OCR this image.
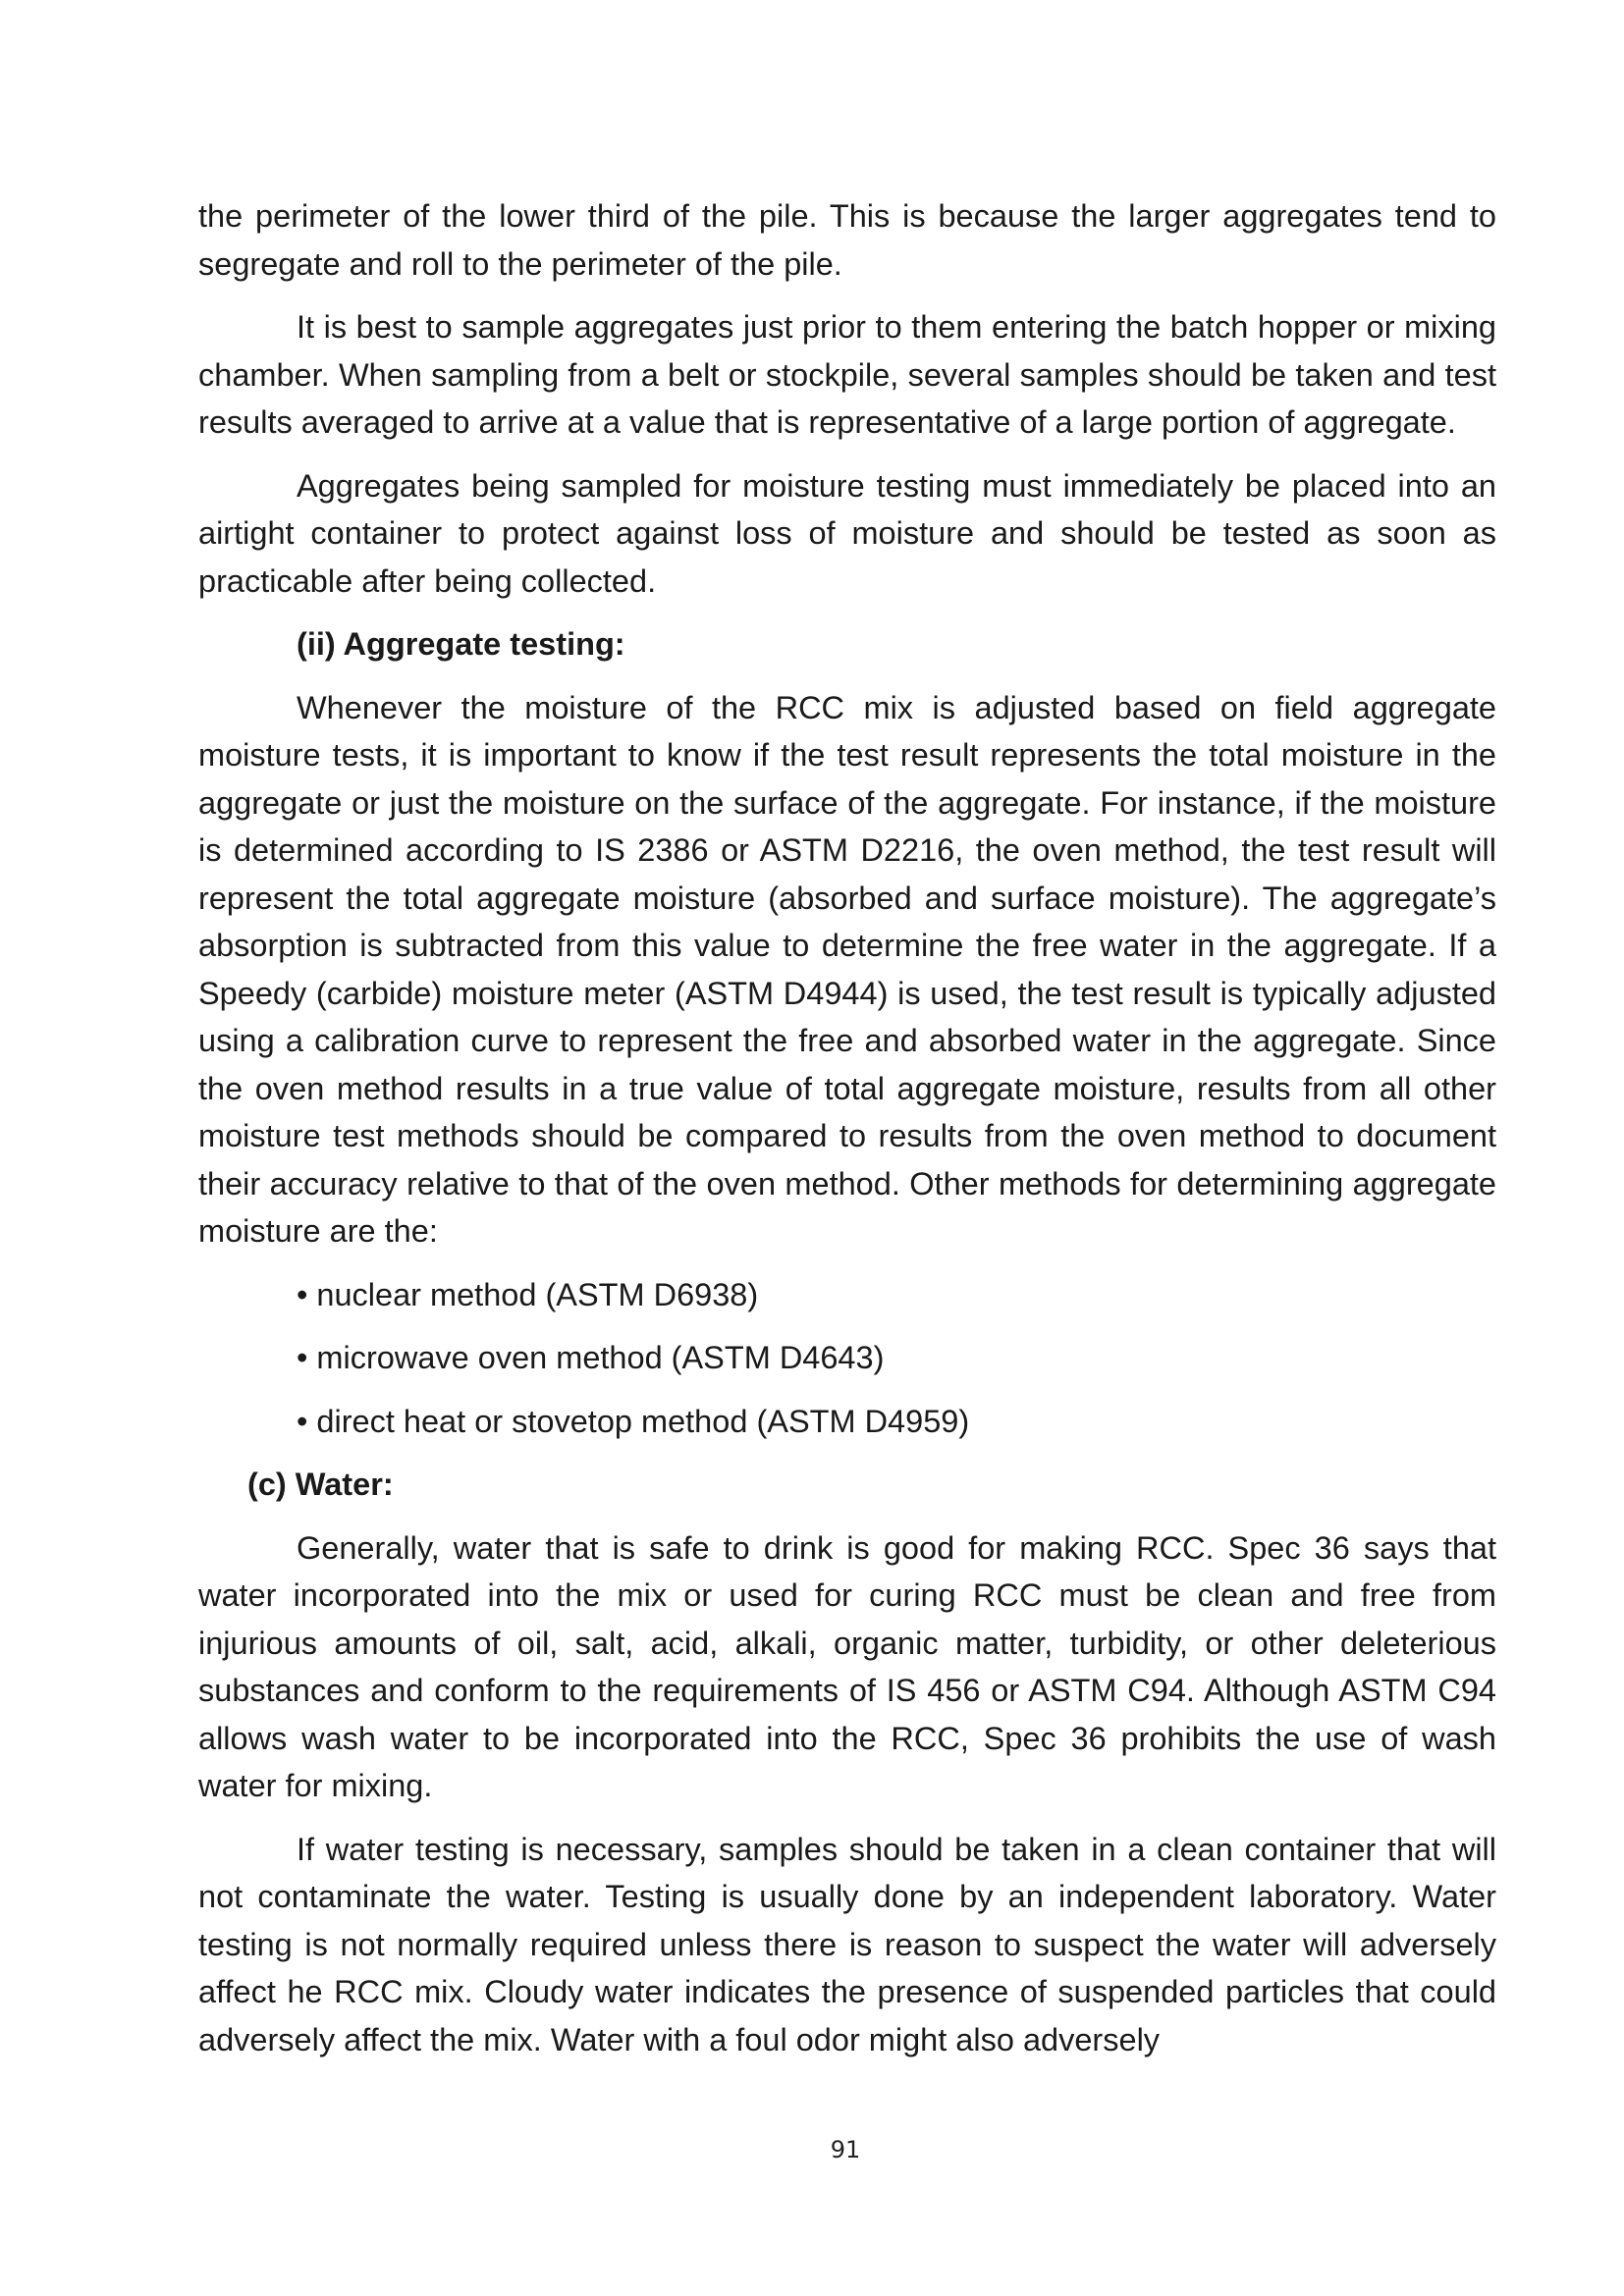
the perimeter of the lower third of the pile. This is because the larger aggregates tend to segregate and roll to the perimeter of the pile.

It is best to sample aggregates just prior to them entering the batch hopper or mixing chamber. When sampling from a belt or stockpile, several samples should be taken and test results averaged to arrive at a value that is representative of a large portion of aggregate.

Aggregates being sampled for moisture testing must immediately be placed into an airtight container to protect against loss of moisture and should be tested as soon as practicable after being collected.

(ii) Aggregate testing:

Whenever the moisture of the RCC mix is adjusted based on field aggregate moisture tests, it is important to know if the test result represents the total moisture in the aggregate or just the moisture on the surface of the aggregate. For instance, if the moisture is determined according to IS 2386 or ASTM D2216, the oven method, the test result will represent the total aggregate moisture (absorbed and surface moisture). The aggregate’s absorption is subtracted from this value to determine the free water in the aggregate. If a Speedy (carbide) moisture meter (ASTM D4944) is used, the test result is typically adjusted using a calibration curve to represent the free and absorbed water in the aggregate. Since the oven method results in a true value of total aggregate moisture, results from all other moisture test methods should be compared to results from the oven method to document their accuracy relative to that of the oven method. Other methods for determining aggregate moisture are the:

• nuclear method (ASTM D6938)
• microwave oven method (ASTM D4643)
• direct heat or stovetop method (ASTM D4959)
(c) Water:

Generally, water that is safe to drink is good for making RCC. Spec 36 says that water incorporated into the mix or used for curing RCC must be clean and free from injurious amounts of oil, salt, acid, alkali, organic matter, turbidity, or other deleterious substances and conform to the requirements of IS 456 or ASTM C94. Although ASTM C94 allows wash water to be incorporated into the RCC, Spec 36 prohibits the use of wash water for mixing.

If water testing is necessary, samples should be taken in a clean container that will not contaminate the water. Testing is usually done by an independent laboratory. Water testing is not normally required unless there is reason to suspect the water will adversely affect he RCC mix. Cloudy water indicates the presence of suspended particles that could adversely affect the mix. Water with a foul odor might also adversely

91
